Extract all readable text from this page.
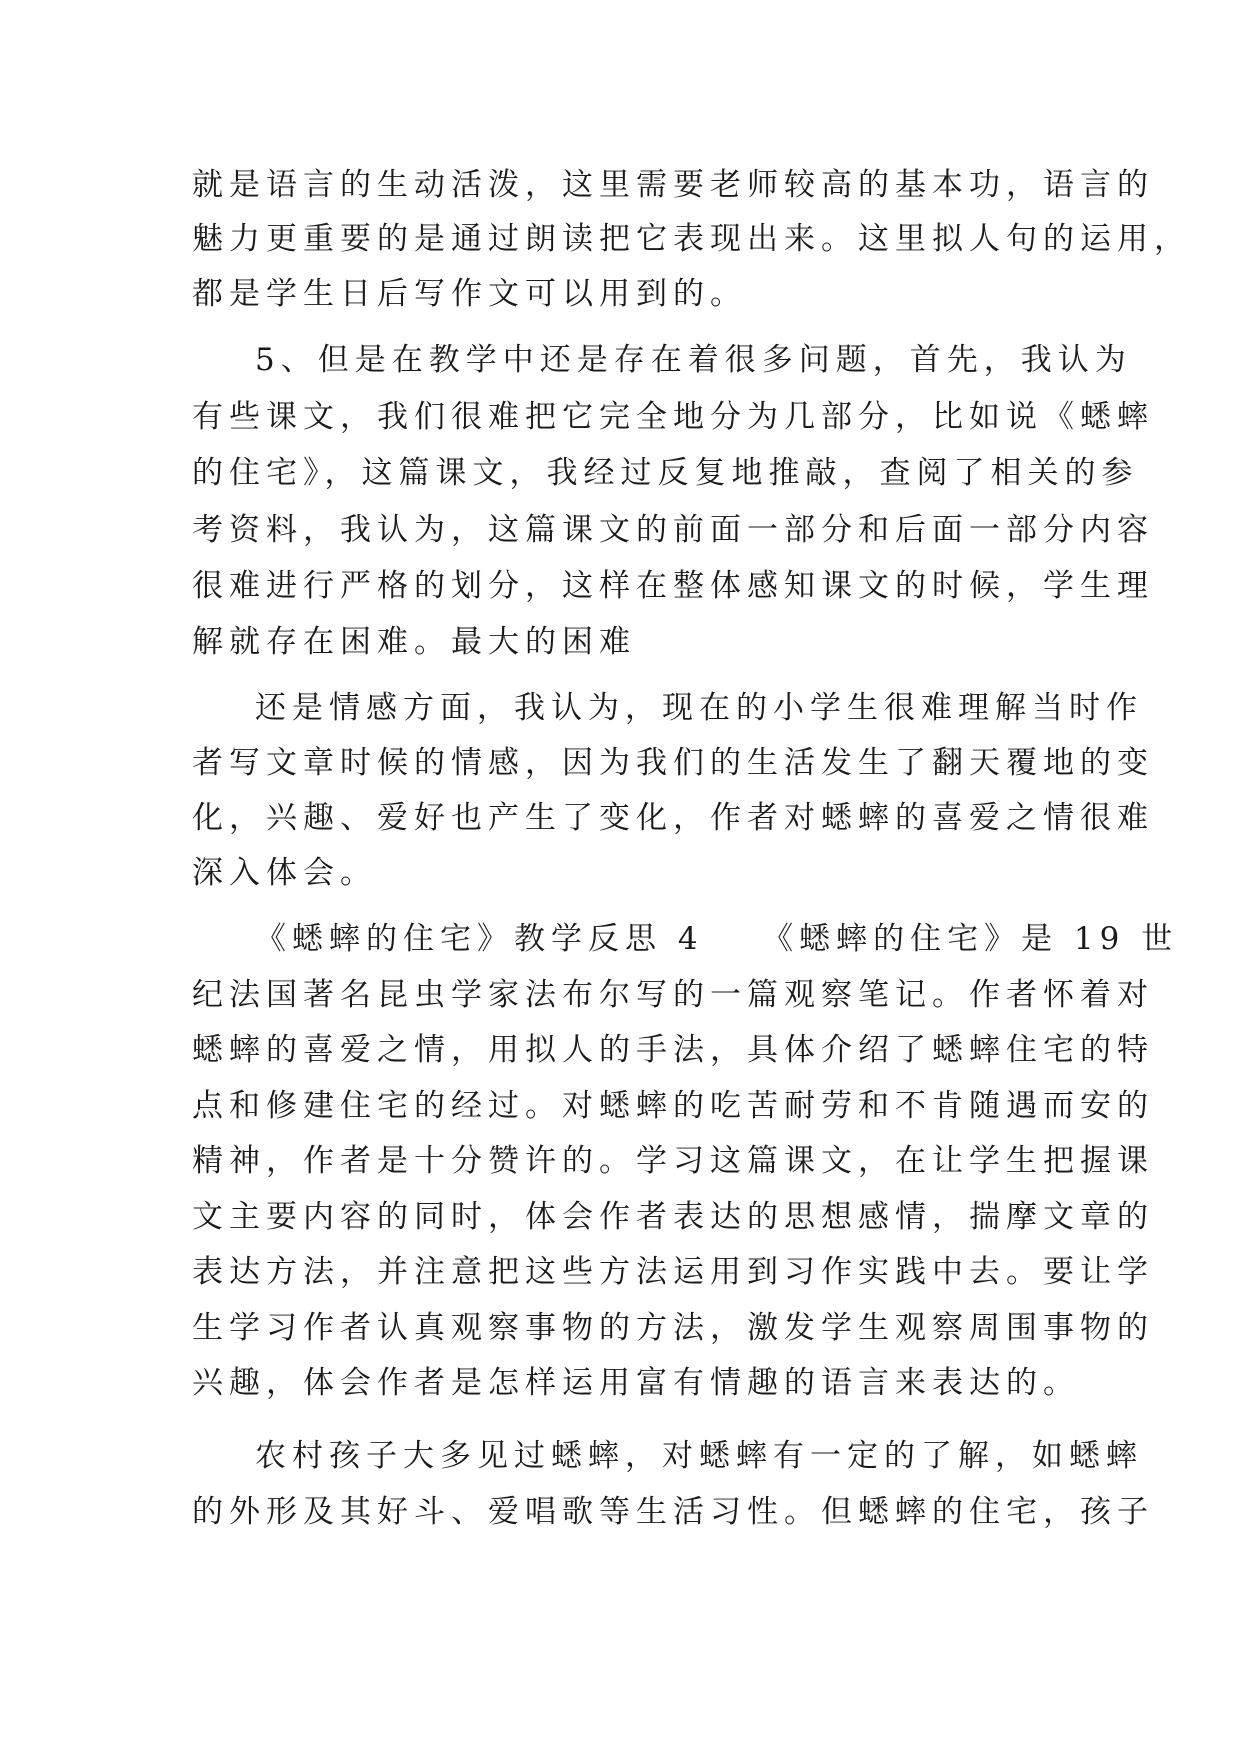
就是语言的生动活泼，这里需要老师较高的基本功，语言的
魅力更重要的是通过朗读把它表现出来。这里拟人句的运用，
都是学生日后写作文可以用到的。
5、但是在教学中还是存在着很多问题，首先，我认为
有些课文，我们很难把它完全地分为几部分，比如说《蟋蟀
的住宅》，这篇课文，我经过反复地推敲，查阅了相关的参
考资料，我认为，这篇课文的前面一部分和后面一部分内容
很难进行严格的划分，这样在整体感知课文的时候，学生理
解就存在困难。最大的困难
还是情感方面，我认为，现在的小学生很难理解当时作
者写文章时候的情感，因为我们的生活发生了翻天覆地的变
化，兴趣、爱好也产生了变化，作者对蟋蟀的喜爱之情很难
深入体会。
《蟋蟀的住宅》教学反思 4　　《蟋蟀的住宅》是 19 世
纪法国著名昆虫学家法布尔写的一篇观察笔记。作者怀着对
蟋蟀的喜爱之情，用拟人的手法，具体介绍了蟋蟀住宅的特
点和修建住宅的经过。对蟋蟀的吃苦耐劳和不肯随遇而安的
精神，作者是十分赞许的。学习这篇课文，在让学生把握课
文主要内容的同时，体会作者表达的思想感情，揣摩文章的
表达方法，并注意把这些方法运用到习作实践中去。要让学
生学习作者认真观察事物的方法，激发学生观察周围事物的
兴趣，体会作者是怎样运用富有情趣的语言来表达的。
农村孩子大多见过蟋蟀，对蟋蟀有一定的了解，如蟋蟀
的外形及其好斗、爱唱歌等生活习性。但蟋蟀的住宅，孩子
